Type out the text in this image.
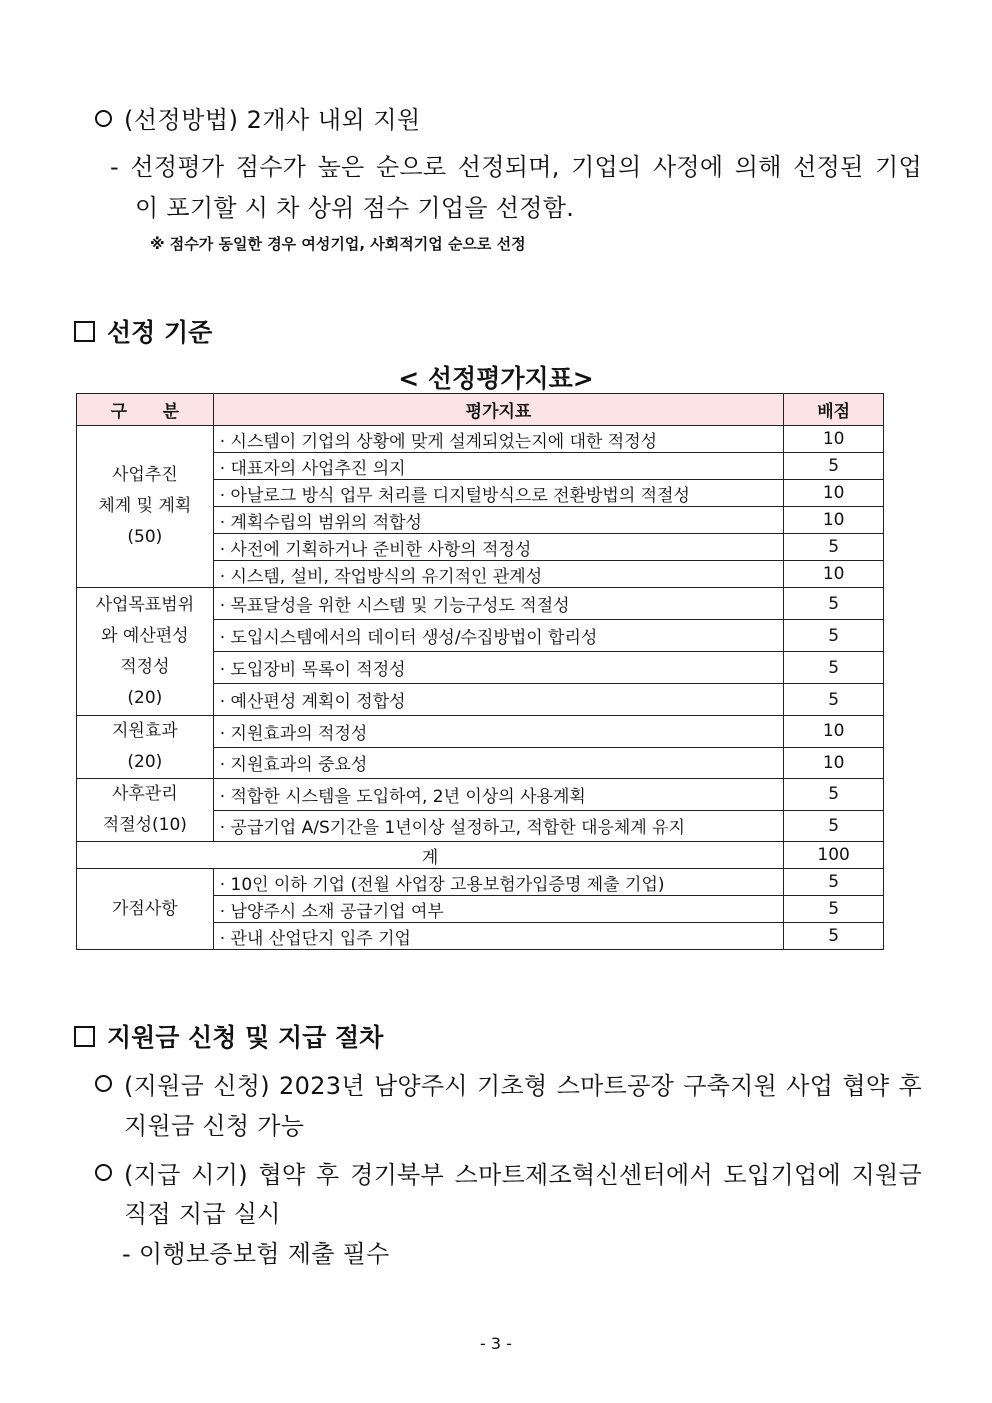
(선정방법) 2개사 내외 지원
- 선정평가 점수가 높은 순으로 선정되며, 기업의 사정에 의해 선정된 기업
이 포기할 시 차 상위 점수 기업을 선정함.
※ 점수가 동일한 경우 여성기업, 사회적기업 순으로 선정
선정 기준
< 선정평가지표>
구      분	평가지표	배점

사업추진
체계 및 계획
(50)	· 시스템이 기업의 상황에 맞게 설계되었는지에 대한 적정성	10
	· 대표자의 사업추진 의지	5
	· 아날로그 방식 업무 처리를 디지털방식으로 전환방법의 적절성	10
	· 계획수립의 범위의 적합성	10
	· 사전에 기획하거나 준비한 사항의 적정성	5
	· 시스템, 설비, 작업방식의 유기적인 관계성	10

사업목표범위
와 예산편성
적정성
(20)	· 목표달성을 위한 시스템 및 기능구성도 적절성	5
	· 도입시스템에서의 데이터 생성/수집방법이 합리성	5
	· 도입장비 목록이 적정성	5
	· 예산편성 계획이 정합성	5

지원효과
(20)	· 지원효과의 적정성	10
	· 지원효과의 중요성	10

사후관리
적절성(10)	· 적합한 시스템을 도입하여, 2년 이상의 사용계획	5
	· 공급기업 A/S기간을 1년이상 설정하고, 적합한 대응체계 유지	5
계		100
가점사항	· 10인 이하 기업 (전월 사업장 고용보험가입증명 제출 기업)	5
	· 남양주시 소재 공급기업 여부	5
	· 관내 산업단지 입주 기업	5
지원금 신청 및 지급 절차
(지원금 신청) 2023년 남양주시 기초형 스마트공장 구축지원 사업 협약 후
지원금 신청 가능
(지급 시기) 협약 후 경기북부 스마트제조혁신센터에서 도입기업에 지원금
직접 지급 실시
- 이행보증보험 제출 필수
- 3 -
